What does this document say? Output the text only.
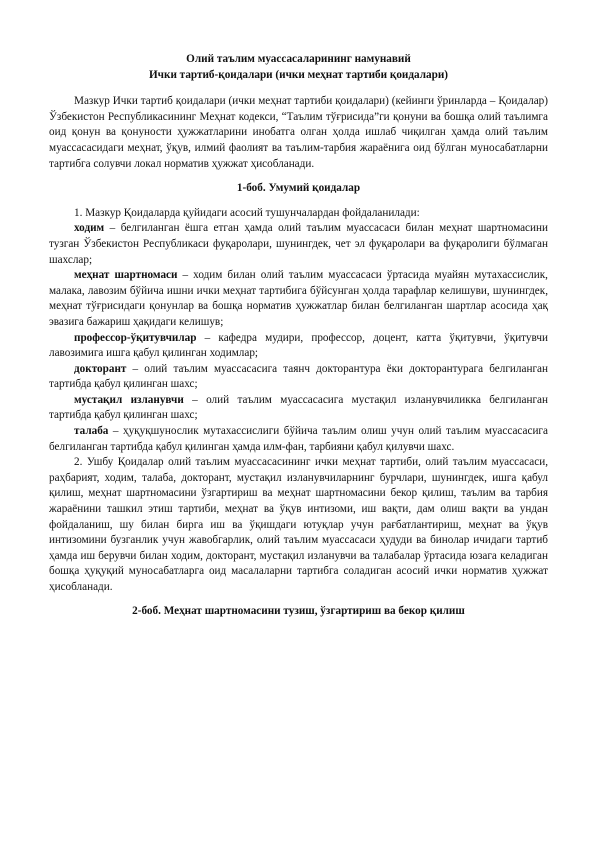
Олий таълим муассасаларининг намунавий
Ички тартиб-қоидалари (ички меҳнат тартиби қоидалари)

Мазкур Ички тартиб қоидалари (ички меҳнат тартиби қоидалари) (кейинги ўринларда – Қоидалар) Ўзбекистон Республикасининг Меҳнат кодекси, “Таълим тўғрисида”ги қонуни ва бошқа олий таълимга оид қонун ва қонуности ҳужжатларини инобатга олган ҳолда ишлаб чиқилган ҳамда олий таълим муассасасидаги меҳнат, ўқув, илмий фаолият ва таълим-тарбия жараёнига оид бўлган муносабатларни тартибга солувчи локал норматив ҳужжат ҳисобланади.

1-боб. Умумий қоидалар

1. Мазкур Қоидаларда қуйидаги асосий тушунчалардан фойдаланилади:

ходим – белгиланган ёшга етган ҳамда олий таълим муассасаси билан меҳнат шартномасини тузган Ўзбекистон Республикаси фуқаролари, шунингдек, чет эл фуқаролари ва фуқаролиги бўлмаган шахслар;

меҳнат шартномаси – ходим билан олий таълим муассасаси ўртасида муайян мутахассислик, малака, лавозим бўйича ишни ички меҳнат тартибига бўйсунган ҳолда тарафлар келишуви, шунингдек, меҳнат тўғрисидаги қонунлар ва бошқа норматив ҳужжатлар билан белгиланган шартлар асосида ҳақ эвазига бажариш ҳақидаги келишув;

профессор-ўқитувчилар – кафедра мудири, профессор, доцент, катта ўқитувчи, ўқитувчи лавозимига ишга қабул қилинган ходимлар;

докторант – олий таълим муассасасига таянч докторантура ёки докторантурага белгиланган тартибда қабул қилинган шахс;

мустақил изланувчи – олий таълим муассасасига мустақил изланувчиликка белгиланган тартибда қабул қилинган шахс;

талаба – ҳуқуқшунослик мутахассислиги бўйича таълим олиш учун олий таълим муассасасига белгиланган тартибда қабул қилинган ҳамда илм-фан, тарбияни қабул қилувчи шахс.

2. Ушбу Қоидалар олий таълим муассасасининг ички меҳнат тартиби, олий таълим муассасаси, раҳбарият, ходим, талаба, докторант, мустақил изланувчиларнинг бурчлари, шунингдек, ишга қабул қилиш, меҳнат шартномасини ўзгартириш ва меҳнат шартномасини бекор қилиш, таълим ва тарбия жараёнини ташкил этиш тартиби, меҳнат ва ўқув интизоми, иш вақти, дам олиш вақти ва ундан фойдаланиш, шу билан бирга иш ва ўқишдаги ютуқлар учун рағбатлантириш, меҳнат ва ўқув интизомини бузганлик учун жавобгарлик, олий таълим муассасаси ҳудуди ва бинолар ичидаги тартиб ҳамда иш берувчи билан ходим, докторант, мустақил изланувчи ва талабалар ўртасида юзага келадиган бошқа ҳуқуқий муносабатларга оид масалаларни тартибга соладиган асосий ички норматив ҳужжат ҳисобланади.

2-боб. Меҳнат шартномасини тузиш, ўзгартириш ва бекор қилиш
